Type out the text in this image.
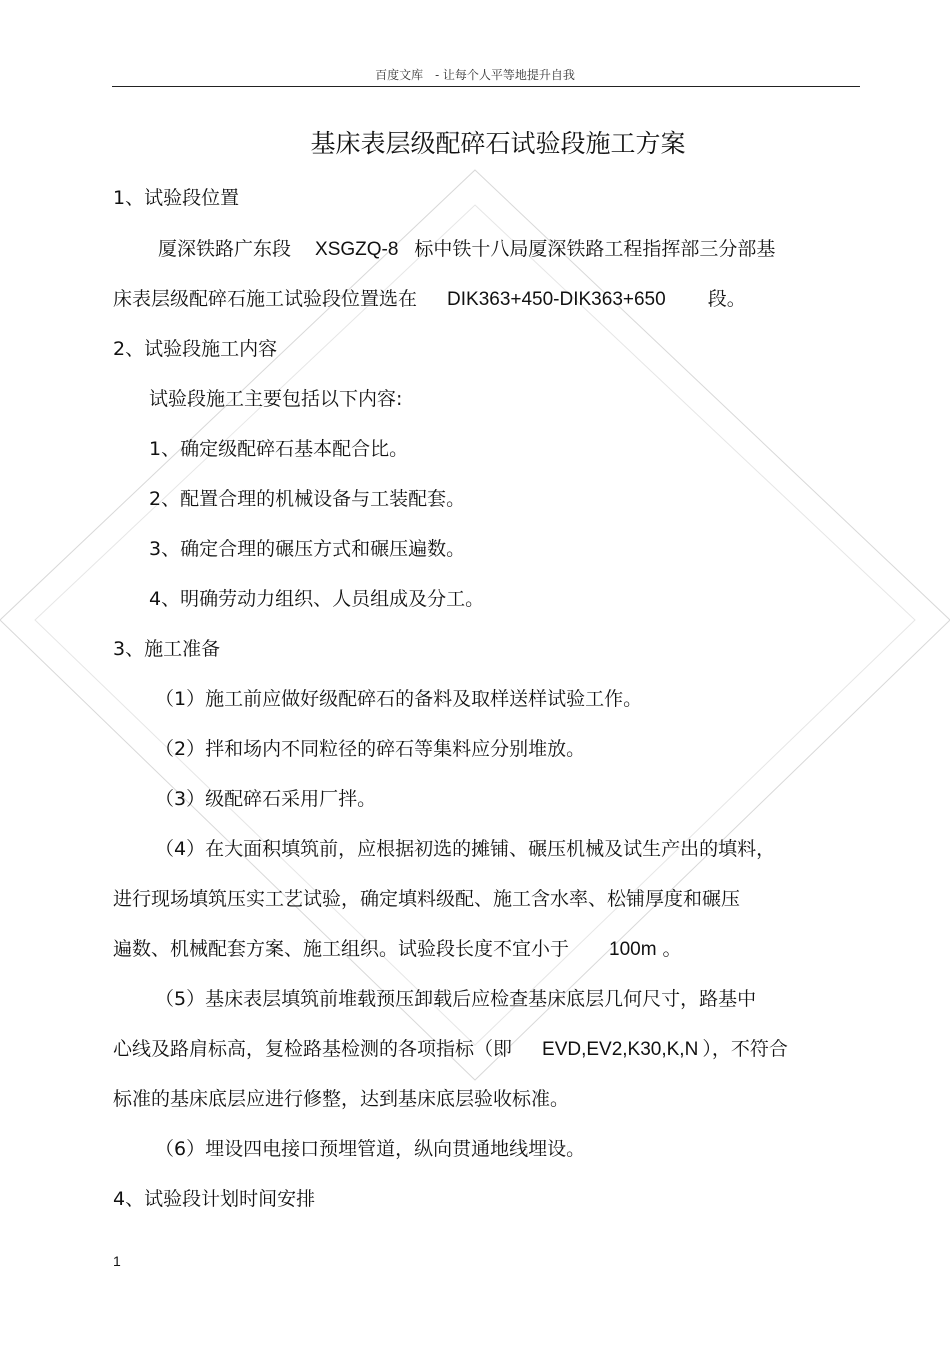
百度文库　- 让每个人平等地提升自我
基床表层级配碎石试验段施工方案
1、试验段位置
厦深铁路广东段 XSGZQ-8 标中铁十八局厦深铁路工程指挥部三分部基
床表层级配碎石施工试验段位置选在 DIK363+450-DIK363+650 段。
2、试验段施工内容
试验段施工主要包括以下内容:
1、确定级配碎石基本配合比。
2、配置合理的机械设备与工装配套。
3、确定合理的碾压方式和碾压遍数。
4、明确劳动力组织、人员组成及分工。
3、施工准备
（1）施工前应做好级配碎石的备料及取样送样试验工作。
（2）拌和场内不同粒径的碎石等集料应分别堆放。
（3）级配碎石采用厂拌。
（4）在大面积填筑前，应根据初选的摊铺、碾压机械及试生产出的填料，
进行现场填筑压实工艺试验，确定填料级配、施工含水率、松铺厚度和碾压
遍数、机械配套方案、施工组织。试验段长度不宜小于 100m 。
（5）基床表层填筑前堆载预压卸载后应检查基床底层几何尺寸，路基中
心线及路肩标高，复检路基检测的各项指标（即 EVD,EV2,K30,K,N ），不符合
标准的基床底层应进行修整，达到基床底层验收标准。
（6）埋设四电接口预埋管道，纵向贯通地线埋设。
4、试验段计划时间安排
1
